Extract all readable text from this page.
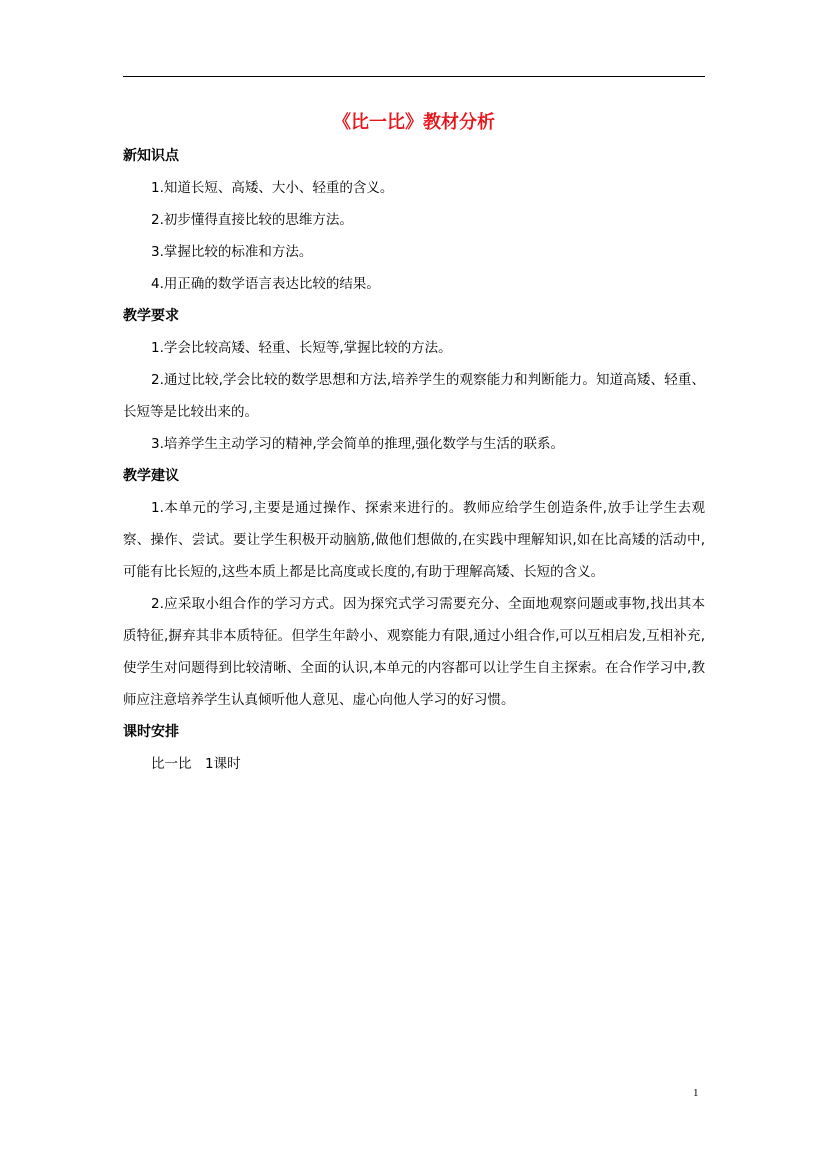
《比一比》教材分析
新知识点

1.知道长短、高矮、大小、轻重的含义。

2.初步懂得直接比较的思维方法。

3.掌握比较的标准和方法。

4.用正确的数学语言表达比较的结果。

教学要求

1.学会比较高矮、轻重、长短等,掌握比较的方法。

2.通过比较,学会比较的数学思想和方法,培养学生的观察能力和判断能力。知道高矮、轻重、长短等是比较出来的。

3.培养学生主动学习的精神,学会简单的推理,强化数学与生活的联系。

教学建议

1.本单元的学习,主要是通过操作、探索来进行的。教师应给学生创造条件,放手让学生去观察、操作、尝试。要让学生积极开动脑筋,做他们想做的,在实践中理解知识,如在比高矮的活动中,可能有比长短的,这些本质上都是比高度或长度的,有助于理解高矮、长短的含义。

2.应采取小组合作的学习方式。因为探究式学习需要充分、全面地观察问题或事物,找出其本质特征,摒弃其非本质特征。但学生年龄小、观察能力有限,通过小组合作,可以互相启发,互相补充,使学生对问题得到比较清晰、全面的认识,本单元的内容都可以让学生自主探索。在合作学习中,教师应注意培养学生认真倾听他人意见、虚心向他人学习的好习惯。

课时安排

比一比　1课时

1
